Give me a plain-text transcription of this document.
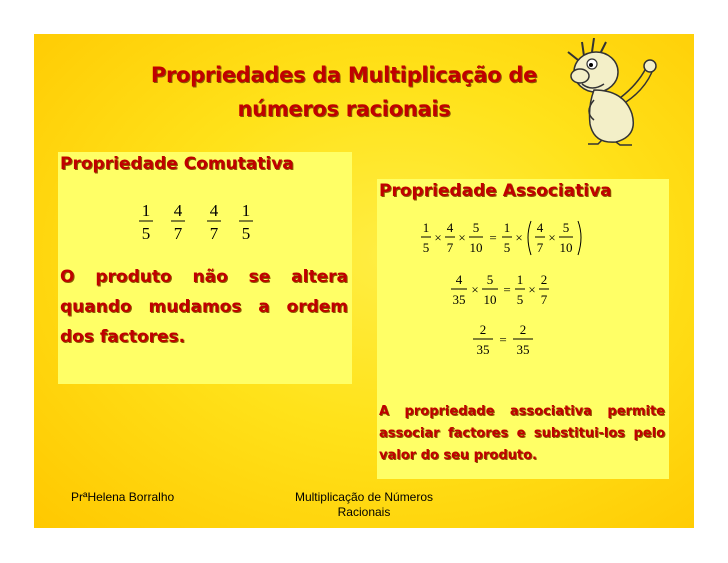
Propriedades da Multiplicação de
números racionais
Propriedade Comutativa
1
5
4
7
4
7
1
5
O produto não se altera quando mudamos a ordem dos factores.
Propriedade Associativa
1
5
×
4
7
×
5
10
=
1
5
×
4
7
×
5
10
4
35
×
5
10
=
1
5
×
2
7
2
35
=
2
35
A propriedade associativa permite associar factores e substitui-los pelo valor do seu produto.
PrªHelena Borralho	Multiplicação de Números Racionais
